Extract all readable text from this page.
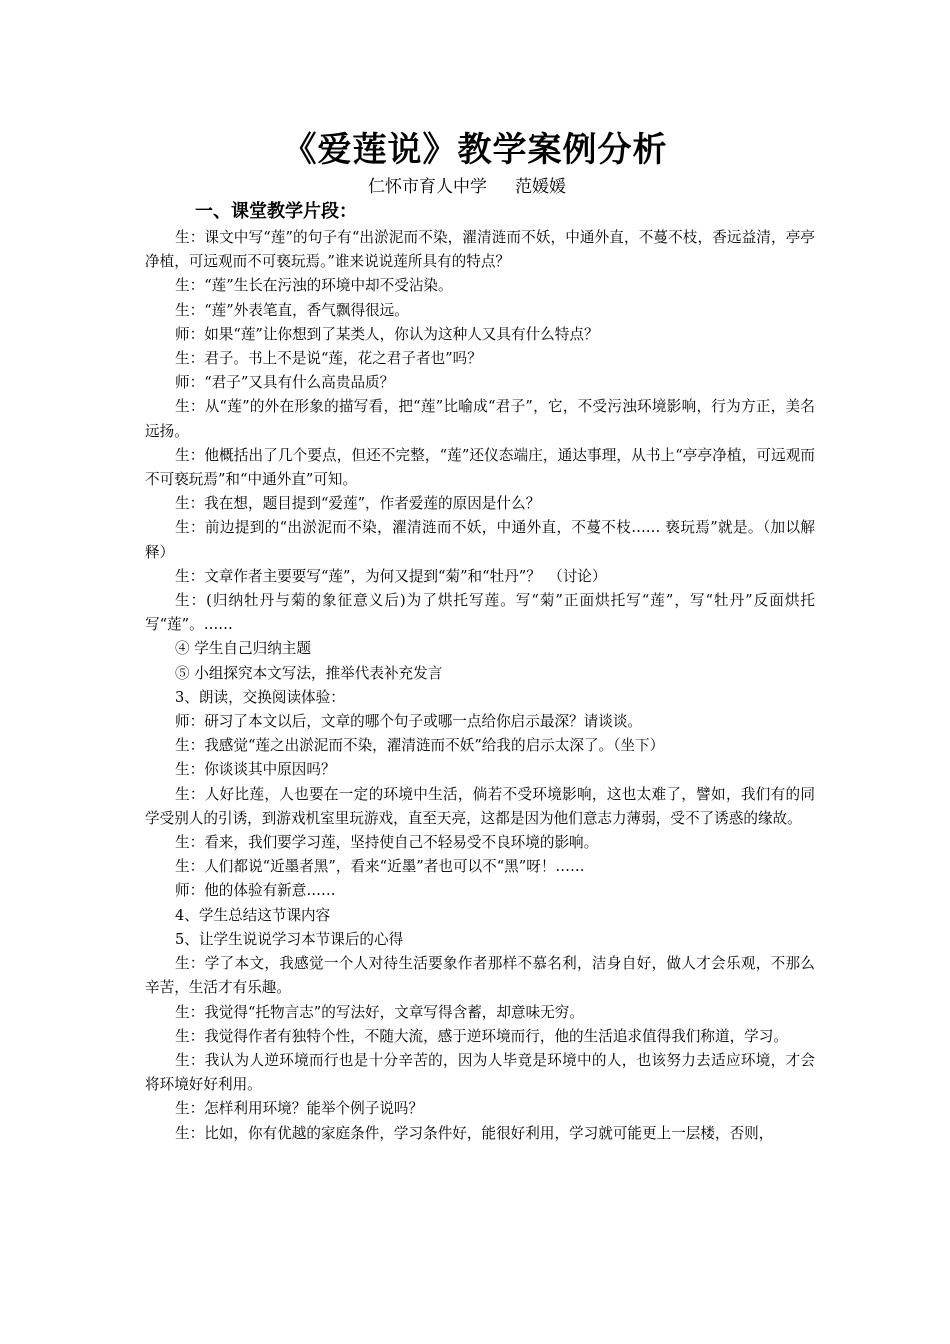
《爱莲说》教学案例分析
仁怀市育人中学 范媛媛
一、课堂教学片段：

生：课文中写“莲”的句子有“出淤泥而不染，濯清涟而不妖，中通外直，不蔓不枝，香远益清，亭亭净植，可远观而不可亵玩焉。”谁来说说莲所具有的特点？

生：“莲”生长在污浊的环境中却不受沾染。

生：“莲”外表笔直，香气飘得很远。

师：如果“莲”让你想到了某类人，你认为这种人又具有什么特点？

生：君子。书上不是说“莲，花之君子者也”吗？

师：“君子”又具有什么高贵品质？

生：从“莲”的外在形象的描写看，把“莲”比喻成“君子”，它，不受污浊环境影响，行为方正，美名远扬。

生：他概括出了几个要点，但还不完整，“莲”还仪态端庄，通达事理，从书上“亭亭净植，可远观而不可亵玩焉”和“中通外直”可知。

生：我在想，题目提到“爱莲”，作者爱莲的原因是什么？

生：前边提到的“出淤泥而不染，濯清涟而不妖，中通外直，不蔓不枝…… 亵玩焉”就是。（加以解释）

生：文章作者主要要写“莲”，为何又提到“菊”和“牡丹”？　（讨论）

生：(归纳牡丹与菊的象征意义后)为了烘托写莲。写“菊”正面烘托写“莲”，写“牡丹”反面烘托写“莲”。……

④ 学生自己归纳主题

⑤ 小组探究本文写法，推举代表补充发言

3、朗读，交换阅读体验：

师：研习了本文以后，文章的哪个句子或哪一点给你启示最深？请谈谈。

生：我感觉“莲之出淤泥而不染，濯清涟而不妖”给我的启示太深了。（坐下）

生：你谈谈其中原因吗？

生：人好比莲，人也要在一定的环境中生活，倘若不受环境影响，这也太难了，譬如，我们有的同学受别人的引诱，到游戏机室里玩游戏，直至天亮，这都是因为他们意志力薄弱，受不了诱惑的缘故。

生：看来，我们要学习莲，坚持使自己不轻易受不良环境的影响。

生：人们都说“近墨者黑”，看来“近墨”者也可以不“黑”呀！……

师：他的体验有新意……

4、学生总结这节课内容

5、让学生说说学习本节课后的心得

生：学了本文，我感觉一个人对待生活要象作者那样不慕名利，洁身自好，做人才会乐观，不那么辛苦，生活才有乐趣。

生：我觉得“托物言志”的写法好，文章写得含蓄，却意味无穷。

生：我觉得作者有独特个性，不随大流，感于逆环境而行，他的生活追求值得我们称道，学习。

生：我认为人逆环境而行也是十分辛苦的，因为人毕竟是环境中的人，也该努力去适应环境，才会将环境好好利用。

生：怎样利用环境？能举个例子说吗？

生：比如，你有优越的家庭条件，学习条件好，能很好利用，学习就可能更上一层楼，否则，
